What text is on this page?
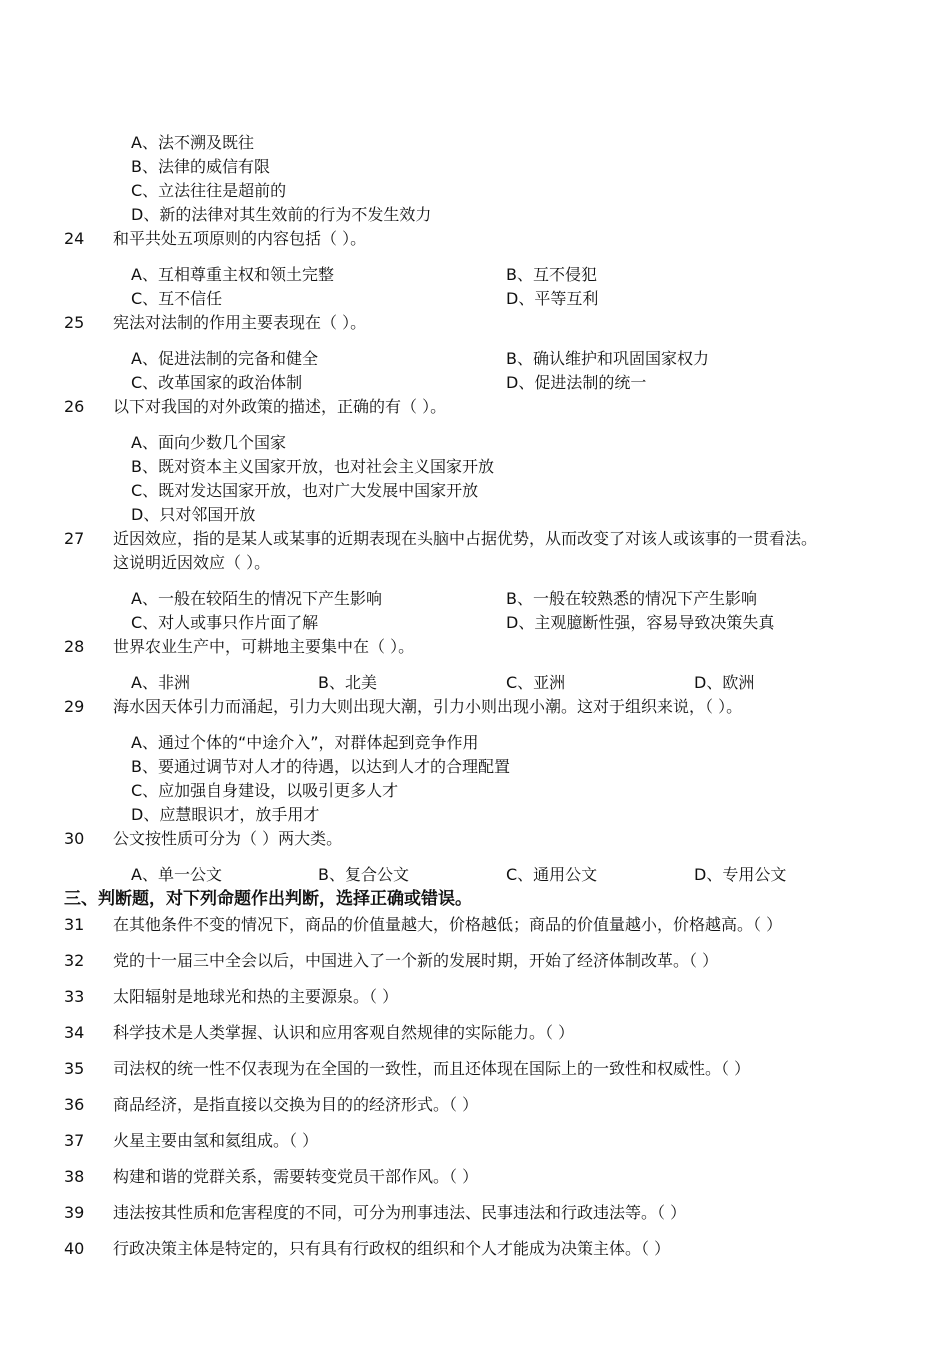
A、法不溯及既往
B、法律的威信有限
C、立法往往是超前的
D、新的法律对其生效前的行为不发生效力
24 和平共处五项原则的内容包括（ ）。
A、互相尊重主权和领土完整	B、互不侵犯
C、互不信任	D、平等互利
25 宪法对法制的作用主要表现在（ ）。
A、促进法制的完备和健全	B、确认维护和巩固国家权力
C、改革国家的政治体制	D、促进法制的统一
26 以下对我国的对外政策的描述，正确的有（ ）。
A、面向少数几个国家
B、既对资本主义国家开放，也对社会主义国家开放
C、既对发达国家开放，也对广大发展中国家开放
D、只对邻国开放
27 近因效应，指的是某人或某事的近期表现在头脑中占据优势，从而改变了对该人或该事的一贯看法。
这说明近因效应（ ）。
A、一般在较陌生的情况下产生影响	B、一般在较熟悉的情况下产生影响
C、对人或事只作片面了解	D、主观臆断性强，容易导致决策失真
28 世界农业生产中，可耕地主要集中在（ ）。
A、非洲	B、北美	C、亚洲	D、欧洲
29 海水因天体引力而涌起，引力大则出现大潮，引力小则出现小潮。这对于组织来说，（ ）。
A、通过个体的“中途介入”，对群体起到竞争作用
B、要通过调节对人才的待遇，以达到人才的合理配置
C、应加强自身建设，以吸引更多人才
D、应慧眼识才，放手用才
30 公文按性质可分为（ ）两大类。
A、单一公文	B、复合公文	C、通用公文	D、专用公文
三、判断题，对下列命题作出判断，选择正确或错误。
31 在其他条件不变的情况下，商品的价值量越大，价格越低；商品的价值量越小，价格越高。（ ）
32 党的十一届三中全会以后，中国进入了一个新的发展时期，开始了经济体制改革。（ ）
33 太阳辐射是地球光和热的主要源泉。（ ）
34 科学技术是人类掌握、认识和应用客观自然规律的实际能力。（ ）
35 司法权的统一性不仅表现为在全国的一致性，而且还体现在国际上的一致性和权威性。（ ）
36 商品经济，是指直接以交换为目的的经济形式。（ ）
37 火星主要由氢和氦组成。（ ）
38 构建和谐的党群关系，需要转变党员干部作风。（ ）
39 违法按其性质和危害程度的不同，可分为刑事违法、民事违法和行政违法等。（ ）
40 行政决策主体是特定的，只有具有行政权的组织和个人才能成为决策主体。（ ）
